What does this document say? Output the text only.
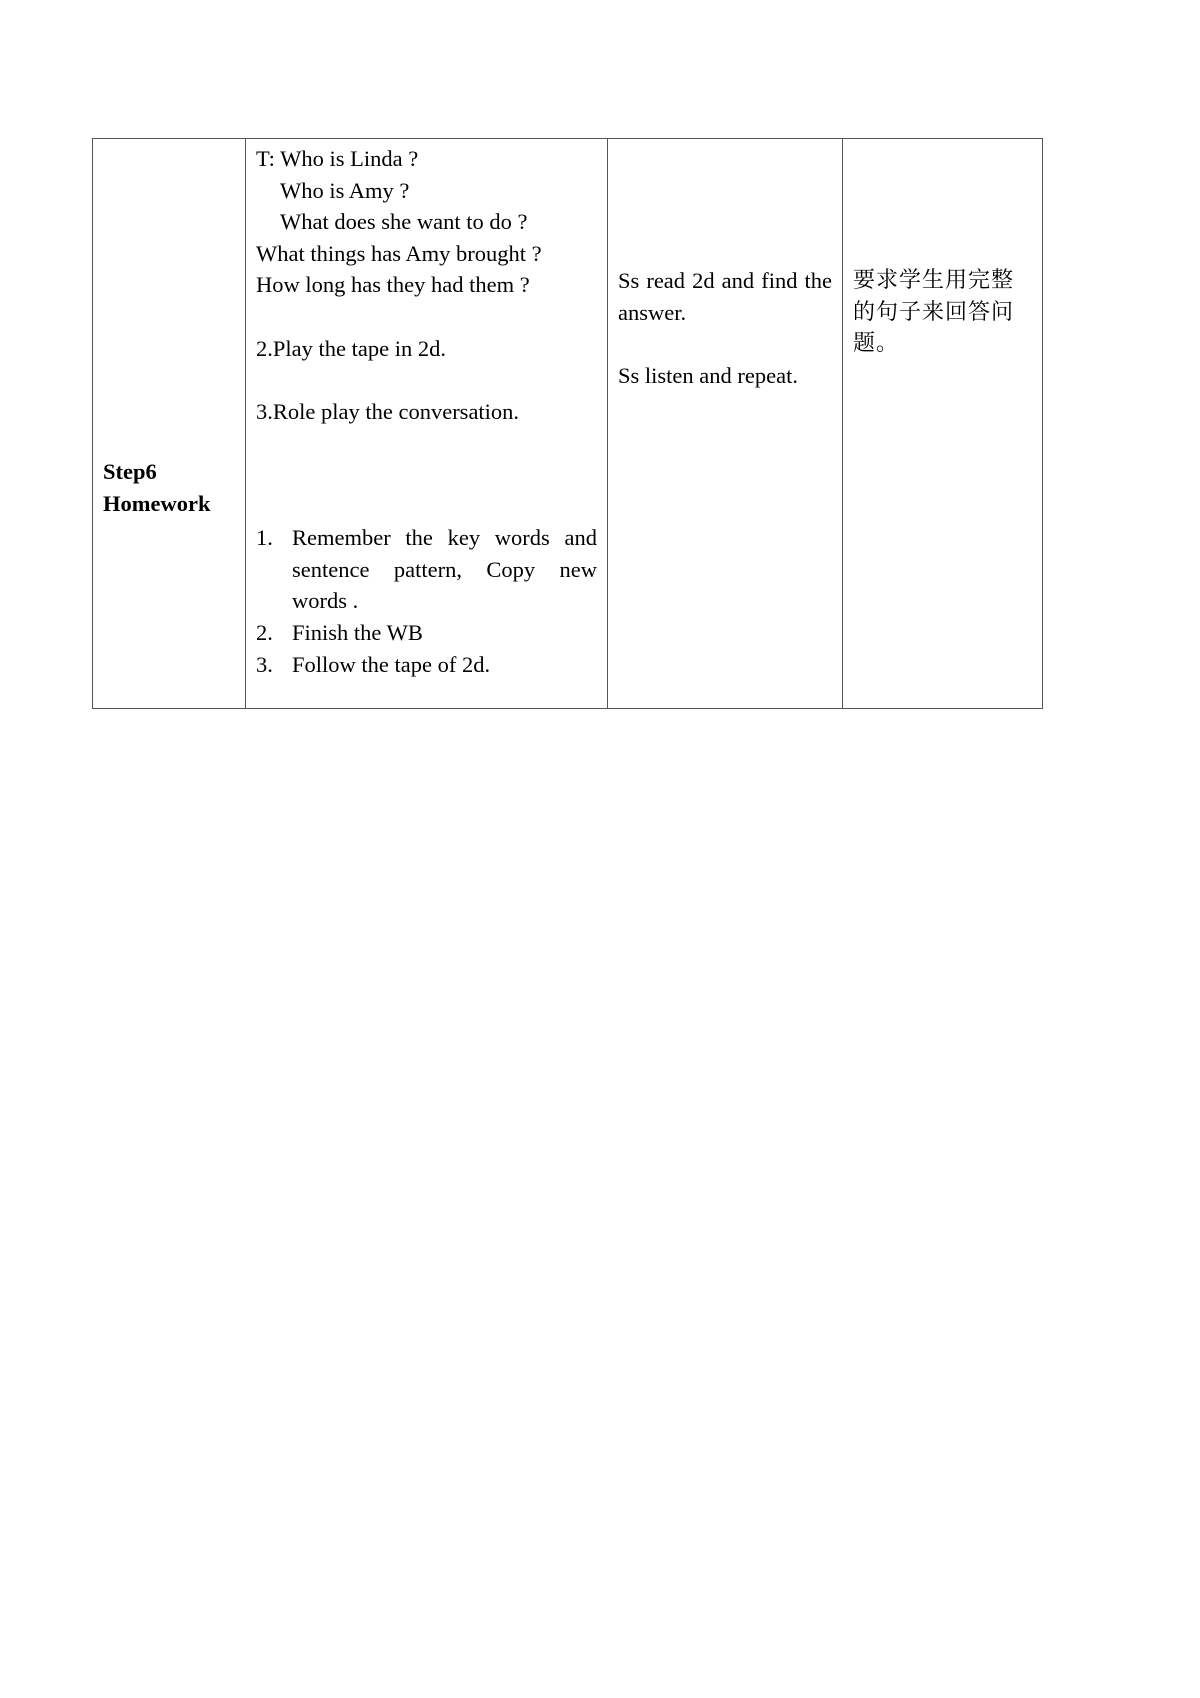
Step6
Homework

T: Who is Linda ?
Who is Amy ?
What does she want to do ?
What things has Amy brought ?
How long has they had them ?
2.Play the tape in 2d.
3.Role play the conversation.
1. Remember the key words and sentence pattern, Copy new words .
2. Finish the WB
3. Follow the tape of 2d.

Ss read 2d and find the answer.
Ss listen and repeat.

要求学生用完整的句子来回答问题。
